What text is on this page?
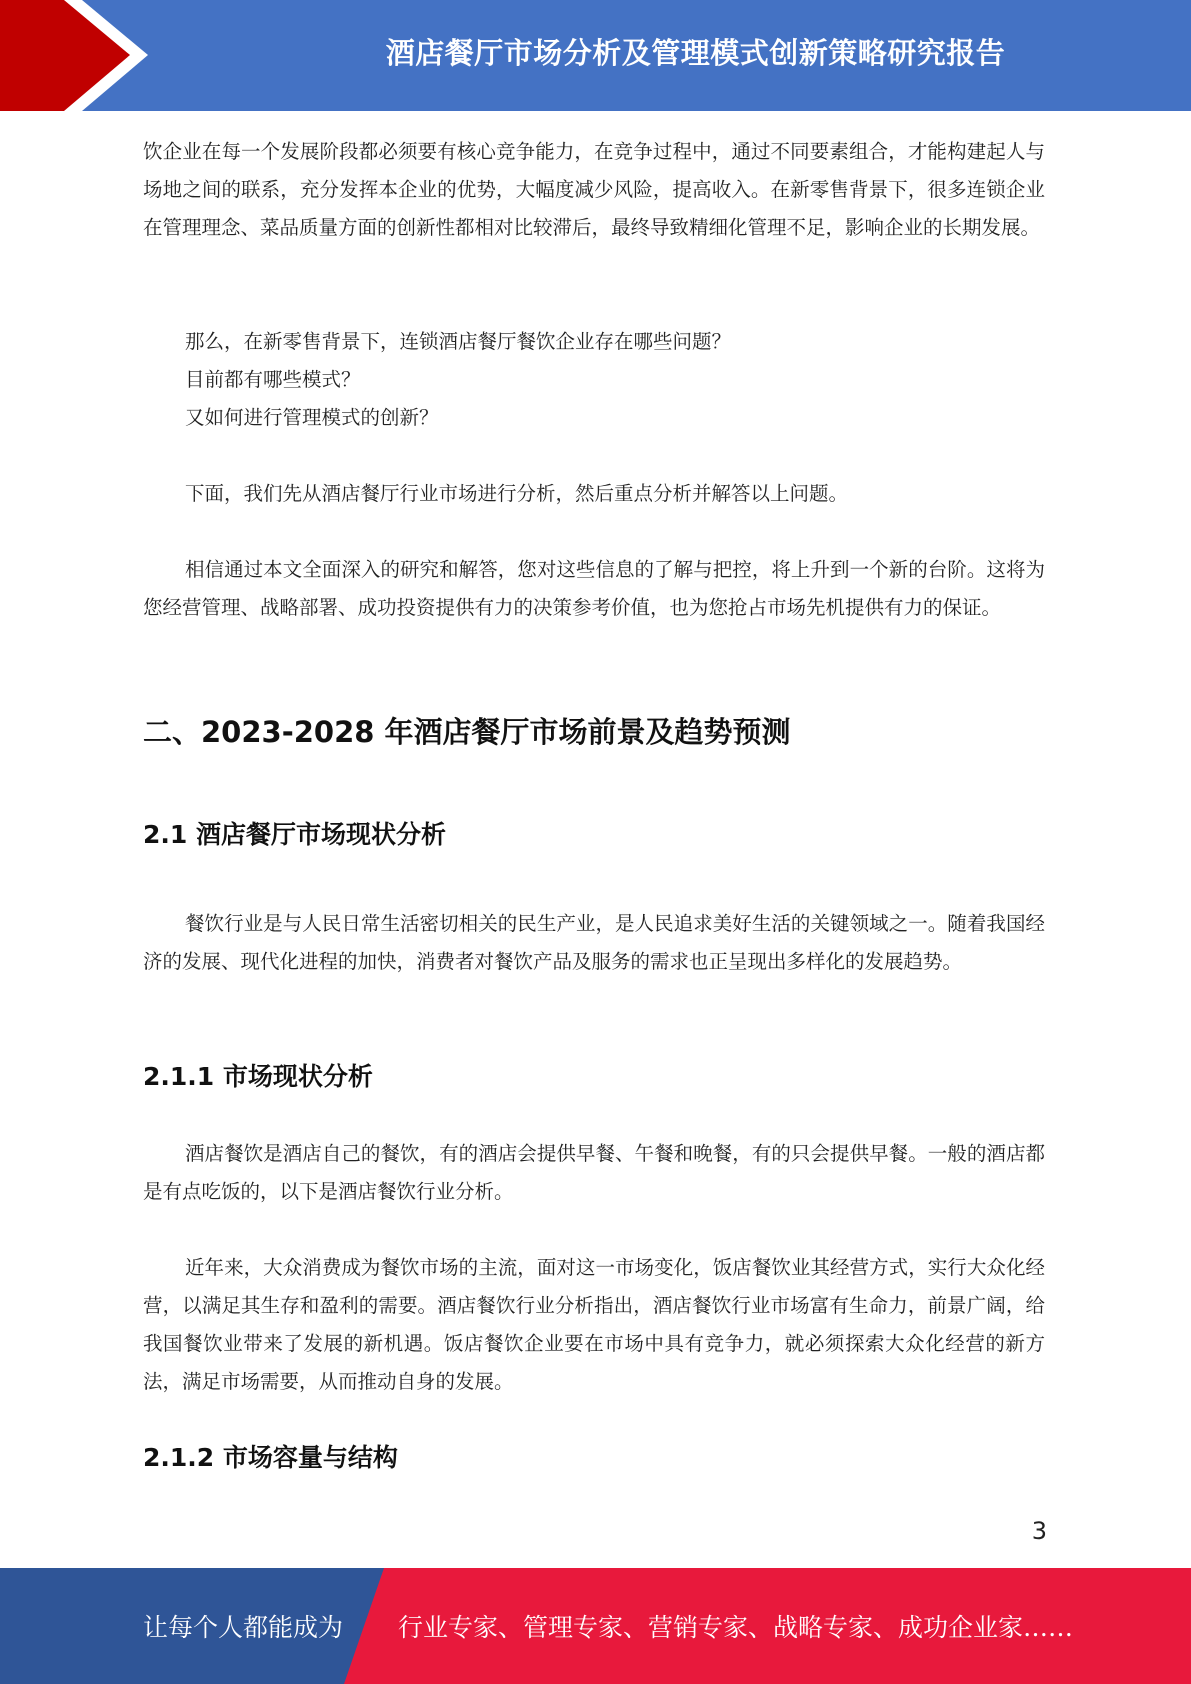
酒店餐厅市场分析及管理模式创新策略研究报告

饮企业在每一个发展阶段都必须要有核心竞争能力，在竞争过程中，通过不同要素组合，才能构建起人与场地之间的联系，充分发挥本企业的优势，大幅度减少风险，提高收入。在新零售背景下，很多连锁企业在管理理念、菜品质量方面的创新性都相对比较滞后，最终导致精细化管理不足，影响企业的长期发展。

那么，在新零售背景下，连锁酒店餐厅餐饮企业存在哪些问题？

目前都有哪些模式？

又如何进行管理模式的创新？

下面，我们先从酒店餐厅行业市场进行分析，然后重点分析并解答以上问题。

相信通过本文全面深入的研究和解答，您对这些信息的了解与把控，将上升到一个新的台阶。这将为您经营管理、战略部署、成功投资提供有力的决策参考价值，也为您抢占市场先机提供有力的保证。

二、2023-2028 年酒店餐厅市场前景及趋势预测
2.1 酒店餐厅市场现状分析

餐饮行业是与人民日常生活密切相关的民生产业，是人民追求美好生活的关键领域之一。随着我国经济的发展、现代化进程的加快，消费者对餐饮产品及服务的需求也正呈现出多样化的发展趋势。

2.1.1 市场现状分析

酒店餐饮是酒店自己的餐饮，有的酒店会提供早餐、午餐和晚餐，有的只会提供早餐。一般的酒店都是有点吃饭的，以下是酒店餐饮行业分析。

近年来，大众消费成为餐饮市场的主流，面对这一市场变化，饭店餐饮业其经营方式，实行大众化经营，以满足其生存和盈利的需要。酒店餐饮行业分析指出，酒店餐饮行业市场富有生命力，前景广阔，给我国餐饮业带来了发展的新机遇。饭店餐饮企业要在市场中具有竞争力，就必须探索大众化经营的新方法，满足市场需要，从而推动自身的发展。

2.1.2 市场容量与结构
3
让每个人都能成为 行业专家、管理专家、营销专家、战略专家、成功企业家……
